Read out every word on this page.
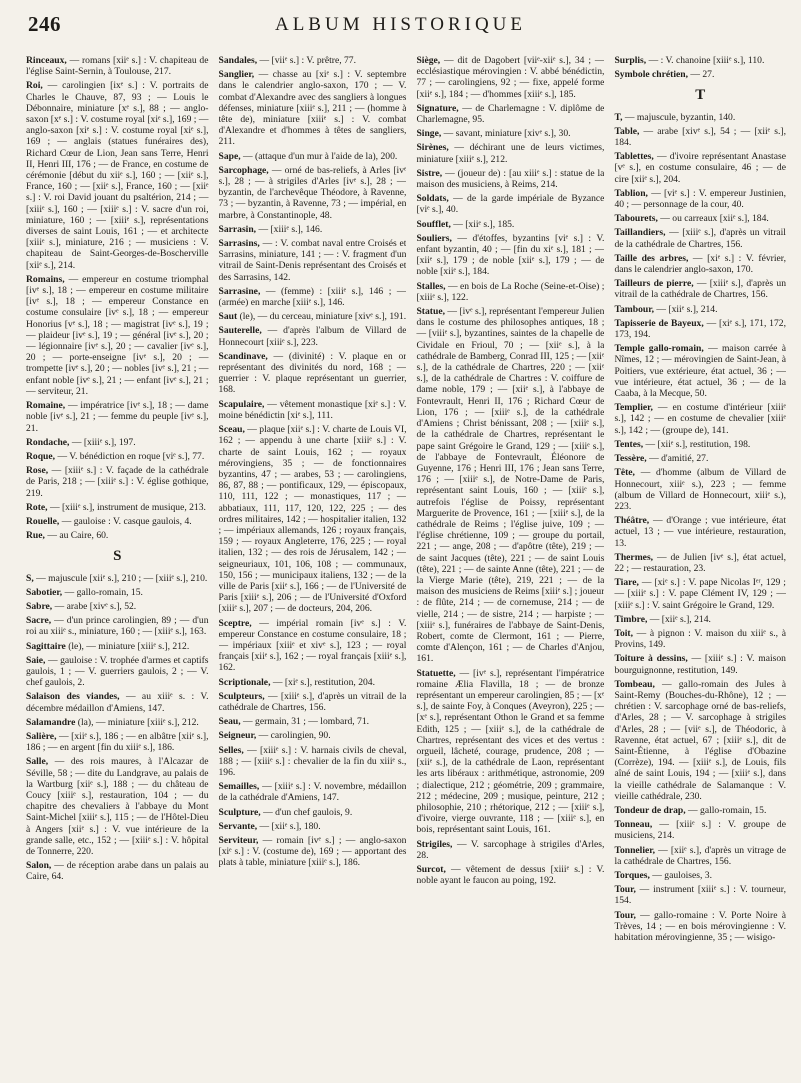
246	ALBUM HISTORIQUE
Rinceaux, — romans [xiiᵉ s.] : V. chapiteau de l'église Saint-Sernin, à Toulouse, 217.
Roi, — carolingien [ixᵉ s.] : V. portraits de Charles le Chauve, 87, 93 ; — Louis le Débonnaire, miniature [xᵉ s.], 88 ; — anglo-saxon [xᵉ s.] : V. costume royal [xiᵉ s.], 169 ; — anglo-saxon [xiᵉ s.] : V. costume royal [xiᵉ s.], 169 ; — anglais (statues funéraires des), Richard Cœur de Lion, Jean sans Terre, Henri II, Henri III, 176 ; — de France, en costume de cérémonie [début du xiiᵉ s.], 160 ; — [xiiᵉ s.], France, 160 ; — [xiiᵉ s.], France, 160 ; — [xiiᵉ s.] : V. roi David jouant du psaltérion, 214 ; — [xiiiᵉ s.], 160 ; — [xiiiᵉ s.] : V. sacre d'un roi, miniature, 160 ; — [xiiiᵉ s.], représentations diverses de saint Louis, 161 ; — et architecte [xiiiᵉ s.], miniature, 216 ; — musiciens : V. chapiteau de Saint-Georges-de-Boscherville [xiiᵉ s.], 214.
Romains, — empereur en costume triomphal [ivᵉ s.], 18 ; — empereur en costume militaire [ivᵉ s.], 18 ; — empereur Constance en costume consulaire [ivᵉ s.], 18 ; — empereur Honorius [vᵉ s.], 18 ; — magistrat [ivᵉ s.], 19 ; — plaideur [ivᵉ s.], 19 ; — général [ivᵉ s.], 20 ; — légionnaire [ivᵉ s.], 20 ; — cavalier [ivᵉ s.], 20 ; — porte-enseigne [ivᵉ s.], 20 ; — trompette [ivᵉ s.], 20 ; — nobles [ivᵉ s.], 21 ; — enfant noble [ivᵉ s.], 21 ; — enfant [ivᵉ s.], 21 ; — serviteur, 21.
Romaine, — impératrice [ivᵉ s.], 18 ; — dame noble [ivᵉ s.], 21 ; — femme du peuple [ivᵉ s.], 21.
Rondache, — [xiiiᵉ s.], 197.
Roque, — V. bénédiction en roque [viᵉ s.], 77.
Rose, — [xiiiᵉ s.] : V. façade de la cathédrale de Paris, 218 ; — [xiiiᵉ s.] : V. église gothique, 219.
Rote, — [xiiiᵉ s.], instrument de musique, 213.
Rouelle, — gauloise : V. casque gaulois, 4.
Rue, — au Caire, 60.
S
S, — majuscule [xiiᵉ s.], 210 ; — [xiiiᵉ s.], 210.
Sabotier, — gallo-romain, 15.
Sabre, — arabe [xivᵉ s.], 52.
Sacre, — d'un prince carolingien, 89 ; — d'un roi au xiiiᵉ s., miniature, 160 ; — [xiiiᵉ s.], 163.
Sagittaire (le), — miniature [xiiiᵉ s.], 212.
Saie, — gauloise : V. trophée d'armes et captifs gaulois, 1 ; — V. guerriers gaulois, 2 ; — V. chef gaulois, 2.
Salaison des viandes, — au xiiiᵉ s. : V. décembre médaillon d'Amiens, 147.
Salamandre (la), — miniature [xiiiᵉ s.], 212.
Salière, — [xiiᵉ s.], 186 ; — en albâtre [xiiᵉ s.], 186 ; — en argent [fin du xiiiᵉ s.], 186.
Salle, — des rois maures, à l'Alcazar de Séville, 58 ; — dite du Landgrave, au palais de la Wartburg [xiiᵉ s.], 188 ; — du château de Coucy [xiiiᵉ s.], restauration, 104 ; — du chapitre des chevaliers à l'abbaye du Mont Saint-Michel [xiiiᵉ s.], 115 ; — de l'Hôtel-Dieu à Angers [xiiᵉ s.] : V. vue intérieure de la grande salle, etc., 152 ; — [xiiiᵉ s.] : V. hôpital de Tonnerre, 220.
Salon, — de réception arabe dans un palais au Caire, 64.
Sandales, — [viiᵉ s.] : V. prêtre, 77.
Sanglier, — chasse au [xiᵉ s.] : V. septembre dans le calendrier anglo-saxon, 170 ; — V. combat d'Alexandre avec des sangliers à longues défenses, miniature [xiiiᵉ s.], 211 ; — (homme à tête de), miniature [xiiiᵉ s.] : V. combat d'Alexandre et d'hommes à têtes de sangliers, 211.
Sape, — (attaque d'un mur à l'aide de la), 200.
Sarcophage, — orné de bas-reliefs, à Arles [ivᵉ s.], 28 ; — à strigiles d'Arles [ivᵉ s.], 28 ; — byzantin, de l'archevêque Théodore, à Ravenne, 73 ; — byzantin, à Ravenne, 73 ; — impérial, en marbre, à Constantinople, 48.
Sarrasin, — [xiiiᵉ s.], 146.
Sarrasins, — : V. combat naval entre Croisés et Sarrasins, miniature, 141 ; — : V. fragment d'un vitrail de Saint-Denis représentant des Croisés et des Sarrasins, 142.
Sarrasine, — (femme) : [xiiiᵉ s.], 146 ; — (armée) en marche [xiiiᵉ s.], 146.
Saut (le), — du cerceau, miniature [xivᵉ s.], 191.
Sauterelle, — d'après l'album de Villard de Honnecourt [xiiiᵉ s.], 223.
Scandinave, — (divinité) : V. plaque en or représentant des divinités du nord, 168 ; — guerrier : V. plaque représentant un guerrier, 168.
Scapulaire, — vêtement monastique [xiᵉ s.] : V. moine bénédictin [xiᵉ s.], 111.
Sceau, — plaque [xiiᵉ s.] : V. charte de Louis VI, 162 ; — appendu à une charte [xiiiᵉ s.] : V. charte de saint Louis, 162 ; — royaux mérovingiens, 35 ; — de fonctionnaires byzantins, 47 ; — arabes, 53 ; — carolingiens, 86, 87, 88 ; — pontificaux, 129, — épiscopaux, 110, 111, 122 ; — monastiques, 117 ; — abbatiaux, 111, 117, 120, 122, 225 ; — des ordres militaires, 142 ; — hospitalier italien, 132 ; — impériaux allemands, 126 ; royaux français, 159 ; — royaux Angleterre, 176, 225 ; — royal italien, 132 ; — des rois de Jérusalem, 142 ; — seigneuriaux, 101, 106, 108 ; — communaux, 150, 156 ; — municipaux italiens, 132 ; — de la ville de Paris [xiiᵉ s.], 166 ; — de l'Université de Paris [xiiiᵉ s.], 206 ; — de l'Université d'Oxford [xiiiᵉ s.], 207 ; — de docteurs, 204, 206.
Sceptre, — impérial romain [ivᵉ s.] : V. empereur Constance en costume consulaire, 18 ; — impériaux [xiiiᵉ et xivᵉ s.], 123 ; — royal français [xiiᵉ s.], 162 ; — royal français [xiiiᵉ s.], 162.
Scriptionale, — [xiᵉ s.], restitution, 204.
Sculpteurs, — [xiiiᵉ s.], d'après un vitrail de la cathédrale de Chartres, 156.
Seau, — germain, 31 ; — lombard, 71.
Seigneur, — carolingien, 90.
Selles, — [xiiiᵉ s.] : V. harnais civils de cheval, 188 ; — [xiiiᵉ s.] : chevalier de la fin du xiiiᵉ s., 196.
Semailles, — [xiiiᵉ s.] : V. novembre, médaillon de la cathédrale d'Amiens, 147.
Sculpture, — d'un chef gaulois, 9.
Servante, — [xiiᵉ s.], 180.
Serviteur, — romain [ivᵉ s.] ; — anglo-saxon [xiᵉ s.] : V. (costume de), 169 ; — apportant des plats à table, miniature [xiiiᵉ s.], 186.
Siège, — dit de Dagobert [viiᵉ-xiiᵉ s.], 34 ; — ecclésiastique mérovingien : V. abbé bénédictin, 77 ; — carolingiens, 92 ; — fixe, appelé forme [xiiᵉ s.], 184 ; — d'hommes [xiiiᵉ s.], 185.
Signature, — de Charlemagne : V. diplôme de Charlemagne, 95.
Singe, — savant, miniature [xivᵉ s.], 30.
Sirènes, — déchirant une de leurs victimes, miniature [xiiiᵉ s.], 212.
Sistre, — (joueur de) : [au xiiiᵉ s.] : statue de la maison des musiciens, à Reims, 214.
Soldats, — de la garde impériale de Byzance [viᵉ s.], 40.
Soufflet, — [xiiᵉ s.], 185.
Souliers, — d'étoffes, byzantins [viᵉ s.] : V. enfant byzantin, 40 ; — [fin du xiᵉ s.], 181 ; — [xiiᵉ s.], 179 ; de noble [xiiᵉ s.], 179 ; — de noble [xiiᵉ s.], 184.
Stalles, — en bois de La Roche (Seine-et-Oise) ; [xiiiᵉ s.], 122.
Statue, — [ivᵉ s.], représentant l'empereur Julien dans le costume des philosophes antiques, 18 ; — [viiiᵉ s.], byzantines, saintes de la chapelle de Cividale en Frioul, 70 ; — [xiiᵉ s.], à la cathédrale de Bamberg, Conrad III, 125 ; — [xiiᵉ s.], de la cathédrale de Chartres, 220 ; — [xiiᵉ s.], de la cathédrale de Chartres : V. coiffure de dame noble, 179 ; — [xiiᵉ s.], à l'abbaye de Fontevrault, Henri II, 176 ; Richard Cœur de Lion, 176 ; — [xiiiᵉ s.], de la cathédrale d'Amiens ; Christ bénissant, 208 ; — [xiiiᵉ s.], de la cathédrale de Chartres, représentant le pape saint Grégoire le Grand, 129 ; — [xiiiᵉ s.], de l'abbaye de Fontevrault, Éléonore de Guyenne, 176 ; Henri III, 176 ; Jean sans Terre, 176 ; — [xiiiᵉ s.], de Notre-Dame de Paris, représentant saint Louis, 160 ; — [xiiiᵉ s.], autrefois l'église de Poissy, représentant Marguerite de Provence, 161 ; — [xiiiᵉ s.], de la cathédrale de Reims ; l'église juive, 109 ; — l'église chrétienne, 109 ; — groupe du portail, 221 ; — ange, 208 ; — d'apôtre (tête), 219 ; — de saint Jacques (tête), 221 ; — de saint Louis (tête), 221 ; — de sainte Anne (tête), 221 ; — de la Vierge Marie (tête), 219, 221 ; — de la maison des musiciens de Reims [xiiiᵉ s.] ; joueur : de flûte, 214 ; — de cornemuse, 214 ; — de vielle, 214 ; — de sistre, 214 ; — harpiste ; — [xiiiᵉ s.], funéraires de l'abbaye de Saint-Denis, Robert, comte de Clermont, 161 ; — Pierre, comte d'Alençon, 161 ; — de Charles d'Anjou, 161.
Statuette, — [ivᵉ s.], représentant l'impératrice romaine Ælia Flavilla, 18 ; — de bronze représentant un empereur carolingien, 85 ; — [xᵉ s.], de sainte Foy, à Conques (Aveyron), 225 ; — [xᵉ s.], représentant Othon le Grand et sa femme Edith, 125 ; — [xiiiᵉ s.], de la cathédrale de Chartres, représentant des vices et des vertus : orgueil, lâcheté, courage, prudence, 208 ; — [xiiᵉ s.], de la cathédrale de Laon, représentant les arts libéraux : arithmétique, astronomie, 209 ; dialectique, 212 ; géométrie, 209 ; grammaire, 212 ; médecine, 209 ; musique, peinture, 212 ; philosophie, 210 ; rhétorique, 212 ; — [xiiiᵉ s.], d'ivoire, vierge ouvrante, 118 ; — [xiiiᵉ s.], en bois, représentant saint Louis, 161.
Strigiles, — V. sarcophage à strigiles d'Arles, 28.
Surcot, — vêtement de dessus [xiiiᵉ s.] : V. noble ayant le faucon au poing, 192.
Surplis, — : V. chanoine [xiiiᵉ s.], 110.
Symbole chrétien, — 27.
T
T, — majuscule, byzantin, 140.
Table, — arabe [xivᵉ s.], 54 ; — [xiiᵉ s.], 184.
Tablettes, — d'ivoire représentant Anastase [vᵉ s.], en costume consulaire, 46 ; — de cire [xiiᵉ s.], 204.
Tablion, — [viᵉ s.] : V. empereur Justinien, 40 ; — personnage de la cour, 40.
Tabourets, — ou carreaux [xiiᵉ s.], 184.
Taillandiers, — [xiiiᵉ s.], d'après un vitrail de la cathédrale de Chartres, 156.
Taille des arbres, — [xiᵉ s.] : V. février, dans le calendrier anglo-saxon, 170.
Tailleurs de pierre, — [xiiiᵉ s.], d'après un vitrail de la cathédrale de Chartres, 156.
Tambour, — [xiiᵉ s.], 214.
Tapisserie de Bayeux, — [xiᵉ s.], 171, 172, 173, 194.
Temple gallo-romain, — maison carrée à Nîmes, 12 ; — mérovingien de Saint-Jean, à Poitiers, vue extérieure, état actuel, 36 ; — vue intérieure, état actuel, 36 ; — de la Caaba, à la Mecque, 50.
Templier, — en costume d'intérieur [xiiiᵉ s.], 142 ; — en costume de chevalier [xiiiᵉ s.], 142 ; — (groupe de), 141.
Tentes, — [xiiᵉ s.], restitution, 198.
Tessère, — d'amitié, 27.
Tête, — d'homme (album de Villard de Honnecourt, xiiiᵉ s.), 223 ; — femme (album de Villard de Honnecourt, xiiiᵉ s.), 223.
Théâtre, — d'Orange ; vue intérieure, état actuel, 13 ; — vue intérieure, restauration, 13.
Thermes, — de Julien [ivᵉ s.], état actuel, 22 ; — restauration, 23.
Tiare, — [xiᵉ s.] : V. pape Nicolas Iᵉʳ, 129 ; — [xiiiᵉ s.] : V. pape Clément IV, 129 ; — [xiiiᵉ s.] : V. saint Grégoire le Grand, 129.
Timbre, — [xiiᵉ s.], 214.
Toit, — à pignon : V. maison du xiiiᵉ s., à Provins, 149.
Toiture à dessins, — [xiiiᵉ s.] : V. maison bourguignonne, restitution, 149.
Tombeau, — gallo-romain des Jules à Saint-Remy (Bouches-du-Rhône), 12 ; — chrétien : V. sarcophage orné de bas-reliefs, d'Arles, 28 ; — V. sarcophage à strigiles d'Arles, 28 ; — [viiᵉ s.], de Théodoric, à Ravenne, état actuel, 67 ; [xiiiᵉ s.], dit de Saint-Étienne, à l'église d'Obazine (Corrèze), 194. — [xiiiᵉ s.], de Louis, fils aîné de saint Louis, 194 ; — [xiiiᵉ s.], dans la vieille cathédrale de Salamanque : V. vieille cathédrale, 230.
Tondeur de drap, — gallo-romain, 15.
Tonneau, — [xiiiᵉ s.] : V. groupe de musiciens, 214.
Tonnelier, — [xiiᵉ s.], d'après un vitrage de la cathédrale de Chartres, 156.
Torques, — gauloises, 3.
Tour, — instrument [xiiiᵉ s.] : V. tourneur, 154.
Tour, — gallo-romaine : V. Porte Noire à Trèves, 14 ; — en bois mérovingienne : V. habitation mérovingienne, 35 ; — wisigo-
